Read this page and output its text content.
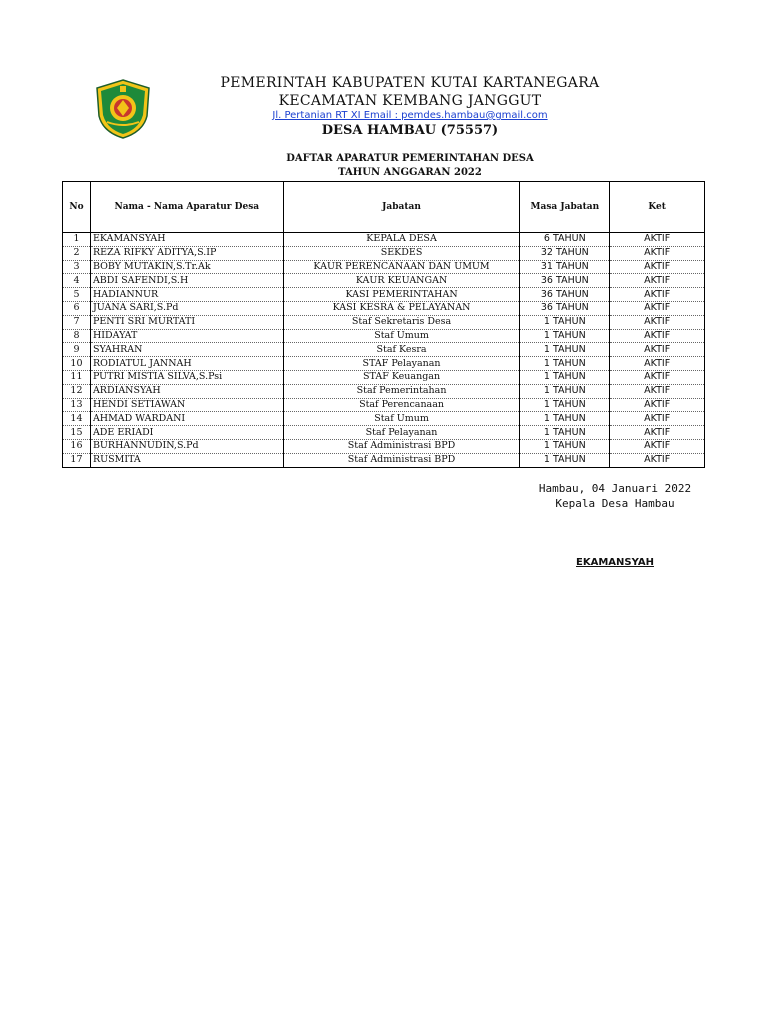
PEMERINTAH KABUPATEN KUTAI KARTANEGARA
KECAMATAN KEMBANG JANGGUT
Jl. Pertanian RT XI Email : pemdes.hambau@gmail.com
DESA HAMBAU (75557)
DAFTAR APARATUR PEMERINTAHAN DESA
TAHUN ANGGARAN 2022
No	Nama - Nama Aparatur Desa	Jabatan	Masa Jabatan	Ket
1	EKAMANSYAH	KEPALA DESA	6 TAHUN	AKTIF
2	REZA RIFKY ADITYA,S.IP	SEKDES	32 TAHUN	AKTIF
3	BOBY MUTAKIN,S.Tr.Ak	KAUR PERENCANAAN DAN UMUM	31 TAHUN	AKTIF
4	ABDI SAFENDI,S.H	KAUR KEUANGAN	36 TAHUN	AKTIF
5	HADIANNUR	KASI PEMERINTAHAN	36 TAHUN	AKTIF
6	JUANA SARI,S.Pd	KASI KESRA & PELAYANAN	36 TAHUN	AKTIF
7	PENTI SRI MURTATI	Staf Sekretaris Desa	1 TAHUN	AKTIF
8	HIDAYAT	Staf Umum	1 TAHUN	AKTIF
9	SYAHRAN	Staf Kesra	1 TAHUN	AKTIF
10	RODIATUL JANNAH	STAF Pelayanan	1 TAHUN	AKTIF
11	PUTRI MISTIA SILVA,S.Psi	STAF Keuangan	1 TAHUN	AKTIF
12	ARDIANSYAH	Staf Pemerintahan	1 TAHUN	AKTIF
13	HENDI SETIAWAN	Staf Perencanaan	1 TAHUN	AKTIF
14	AHMAD WARDANI	Staf Umum	1 TAHUN	AKTIF
15	ADE ERIADI	Staf Pelayanan	1 TAHUN	AKTIF
16	BURHANNUDIN,S.Pd	Staf Administrasi BPD	1 TAHUN	AKTIF
17	RUSMITA	Staf Administrasi BPD	1 TAHUN	AKTIF
Hambau, 04 Januari 2022
Kepala Desa Hambau
EKAMANSYAH
